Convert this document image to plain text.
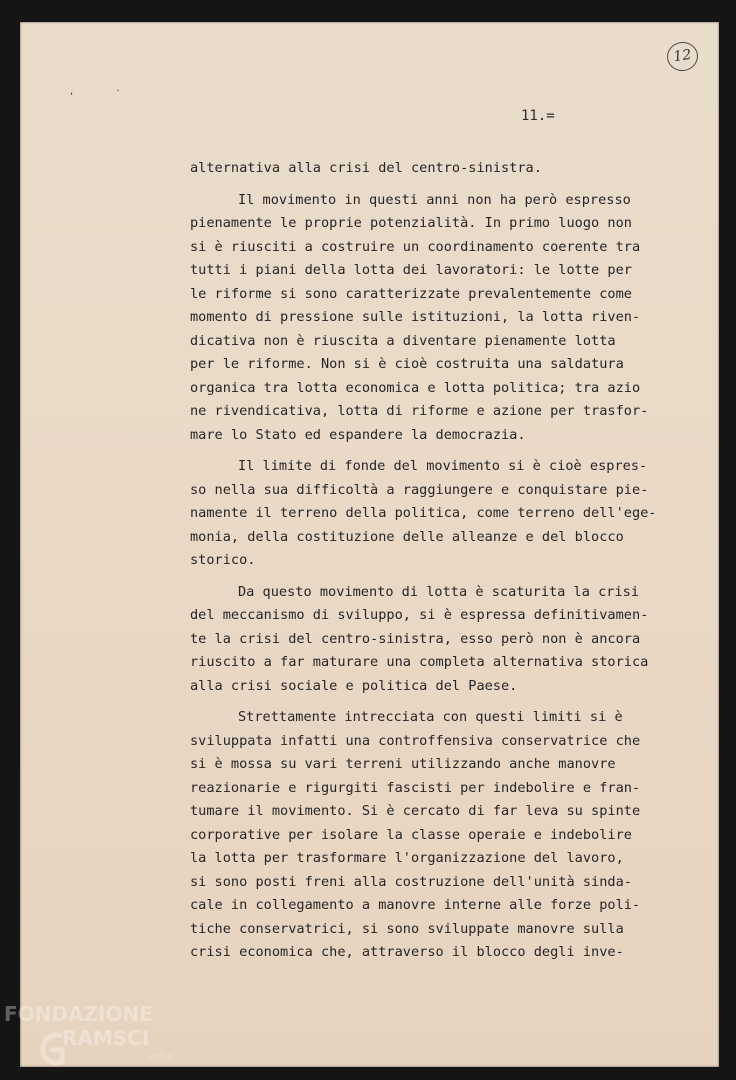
, ·
12
11.=
alternativa alla crisi del centro-sinistra.
Il movimento in questi anni non ha però espresso
pienamente le proprie potenzialità. In primo luogo non
si è riusciti a costruire un coordinamento coerente tra
tutti i piani della lotta dei lavoratori: le lotte per
le riforme si sono caratterizzate prevalentemente come
momento di pressione sulle istituzioni, la lotta riven-
dicativa non è riuscita a diventare pienamente lotta
per le riforme. Non si è cioè costruita una saldatura
organica tra lotta economica e lotta politica; tra azio
ne rivendicativa, lotta di riforme e azione per trasfor-
mare lo Stato ed espandere la democrazia.
Il limite di fonde del movimento si è cioè espres-
so nella sua difficoltà a raggiungere e conquistare pie-
namente il terreno della politica, come terreno dell'ege-
monia, della costituzione delle alleanze e del blocco
storico.
Da questo movimento di lotta è scaturita la crisi
del meccanismo di sviluppo, si è espressa definitivamen-
te la crisi del centro-sinistra, esso però non è ancora
riuscito a far maturare una completa alternativa storica
alla crisi sociale e politica del Paese.
Strettamente intrecciata con questi limiti si è
sviluppata infatti una controffensiva conservatrice che
si è mossa su vari terreni utilizzando anche manovre
reazionarie e rigurgiti fascisti per indebolire e fran-
tumare il movimento. Si è cercato di far leva su spinte
corporative per isolare la classe operaie e indebolire
la lotta per trasformare l'organizzazione del lavoro,
si sono posti freni alla costruzione dell'unità sinda-
cale in collegamento a manovre interne alle forze poli-
tiche conservatrici, si sono sviluppate manovre sulla
crisi economica che, attraverso il blocco degli inve-
FONDAZIONE
RAMSCI
onlus
